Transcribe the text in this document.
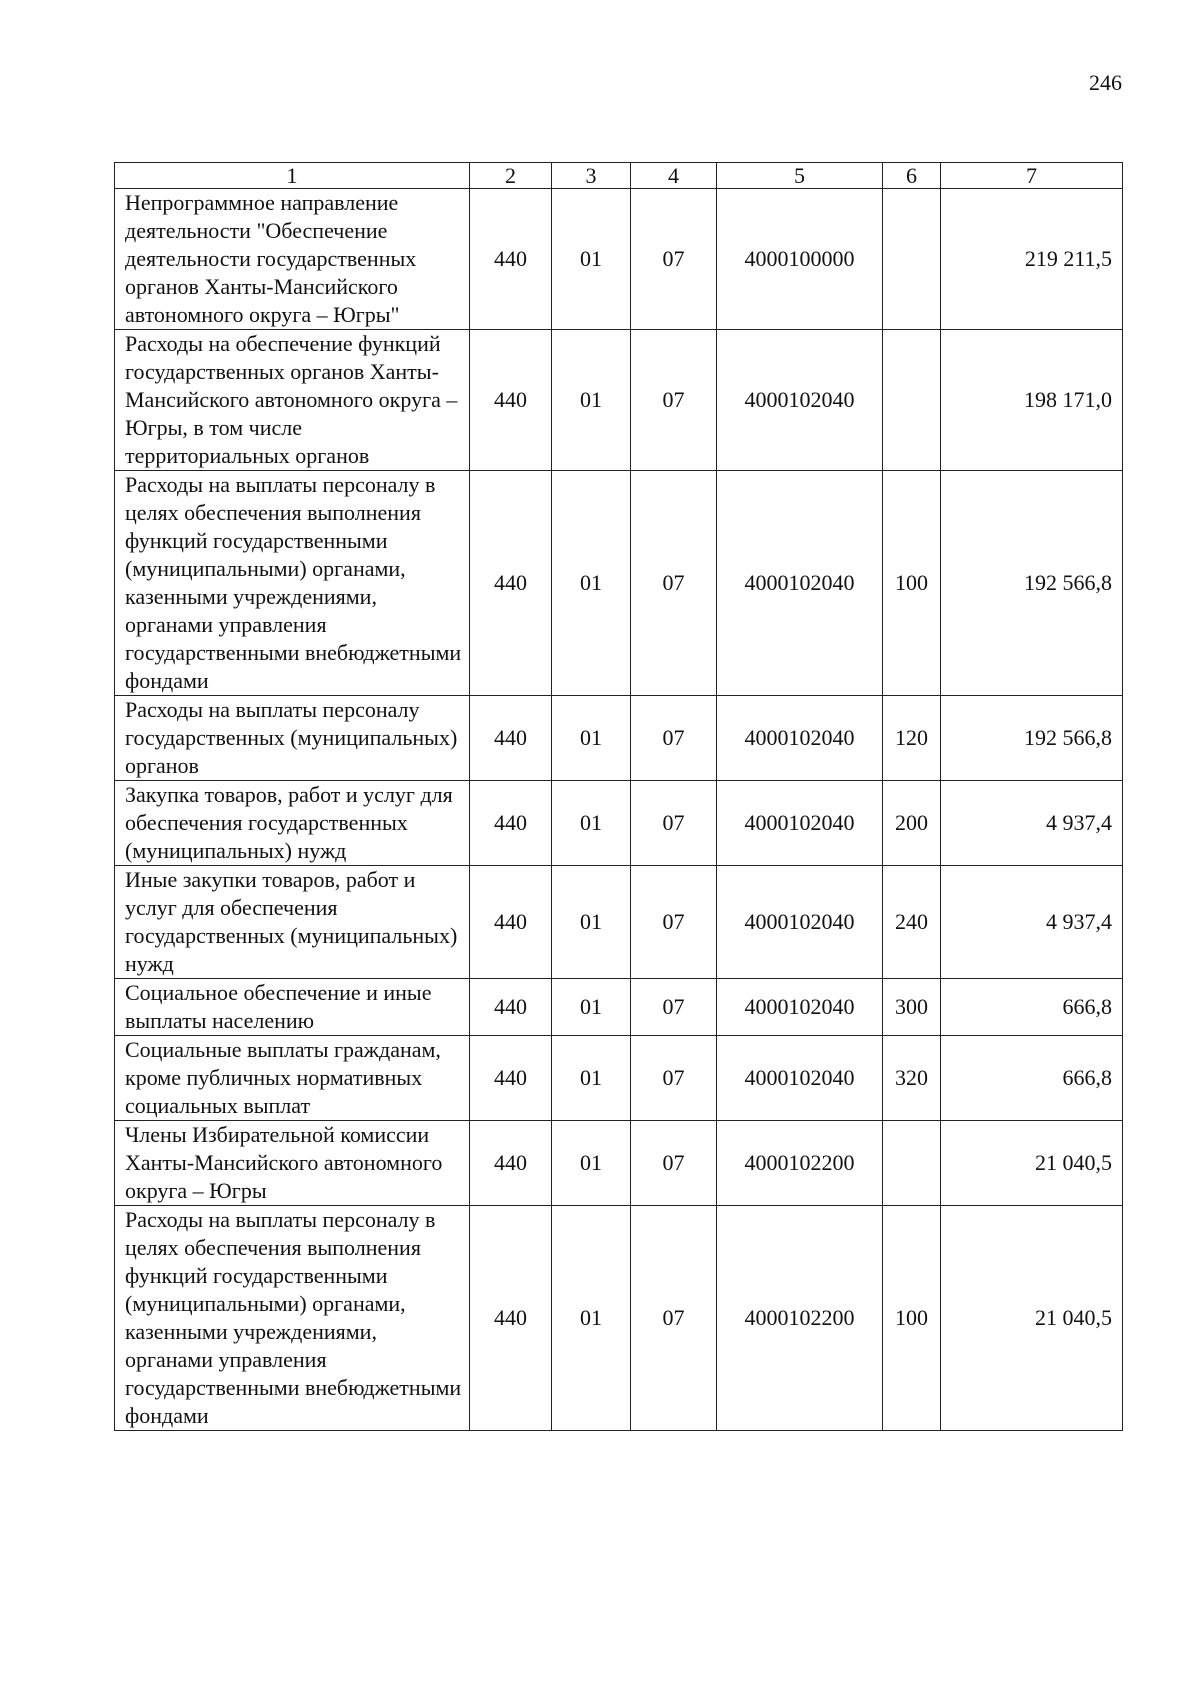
246
1	2	3	4	5	6	7
Непрограммное направление деятельности "Обеспечение деятельности государственных органов Ханты-Мансийского автономного округа – Югры"	440	01	07	4000100000		219 211,5
Расходы на обеспечение функций государственных органов Ханты-Мансийского автономного округа – Югры, в том числе территориальных органов	440	01	07	4000102040		198 171,0
Расходы на выплаты персоналу в целях обеспечения выполнения функций государственными (муниципальными) органами, казенными учреждениями, органами управления государственными внебюджетными фондами	440	01	07	4000102040	100	192 566,8
Расходы на выплаты персоналу государственных (муниципальных) органов	440	01	07	4000102040	120	192 566,8
Закупка товаров, работ и услуг для обеспечения государственных (муниципальных) нужд	440	01	07	4000102040	200	4 937,4
Иные закупки товаров, работ и услуг для обеспечения государственных (муниципальных) нужд	440	01	07	4000102040	240	4 937,4
Социальное обеспечение и иные выплаты населению	440	01	07	4000102040	300	666,8
Социальные выплаты гражданам, кроме публичных нормативных социальных выплат	440	01	07	4000102040	320	666,8
Члены Избирательной комиссии Ханты-Мансийского автономного округа – Югры	440	01	07	4000102200		21 040,5
Расходы на выплаты персоналу в целях обеспечения выполнения функций государственными (муниципальными) органами, казенными учреждениями, органами управления государственными внебюджетными фондами	440	01	07	4000102200	100	21 040,5
